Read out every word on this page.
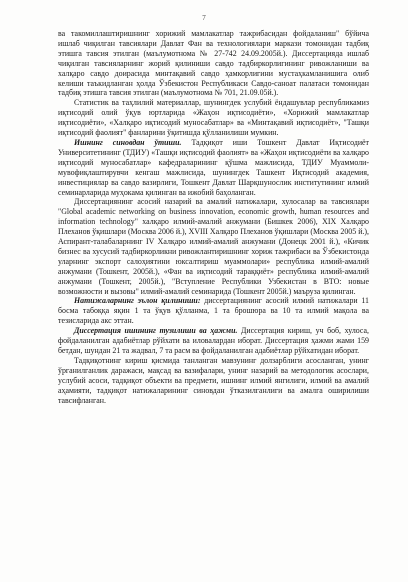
7

ва такомиллаштиришнинг хорижий мамлакатлар тажрибасидан фойдаланиш" бўйича ишлаб чиқилган тавсиялари Давлат Фан ва технологиялари маркази томонидан тадбиқ этишга тавсия этилган (маълумотнома № 27-742 24.09.2005й.). Диссертацияда ишлаб чиқилган тавсияларнинг жорий қилиниши савдо тадбиркорлигининг ривожланиши ва халқаро савдо доирасида минтақавий савдо ҳамкорлигини мустаҳкамланишига олиб келиши таъкидланган ҳолда Ўзбекистон Республикаси Савдо-саноат палатаси томонидан тадбиқ этишга тавсия этилган (маълумотнома № 701, 21.09.05й.).

Статистик ва таҳлилий материаллар, шунингдек услубий ёндашувлар республикамиз иқтисодий олий ўқув юртларида «Жаҳон иқтисодиёти», «Хорижий мамлакатлар иқтисодиёти», «Халқаро иқтисодий муносабатлар» ва «Минтақавий иқтисодиёт», "Ташқи иқтисодий фаолият" фанларини ўқитишда қўлланилиши мумкин.

Ишнинг синовдан ўтиши. Тадқиқот иши Тошкент Давлат Иқтисодиёт Университетининг (ТДИУ) «Ташқи иқтисодий фаолият» ва «Жаҳон иқтисодиёти ва халқаро иқтисодий муносабатлар» кафедраларининг қўшма мажлисида, ТДИУ Муаммоли-мувофиқлаштирувчи кенгаш мажлисида, шунингдек Ташкент Иқтисодий академия, инвестициялар ва савдо вазирлиги, Тошкент Давлат Шарқшунослик институтининг илмий семинарларида муҳокама қилинган ва ижобий баҳоланган.

Диссертациянинг асосий назарий ва амалий натижалари, хулосалар ва тавсиялари "Global academic networking on business innovation, economic growth, human resources and information technology" халқаро илмий-амалий анжумани (Бишкек 2006), XIX Халқаро Плеханов ўқишлари (Москва 2006 й.), XVIII Халқаро Плеханов ўқишлари (Москва 2005 й.), Аспирант-талабаларнинг IV Халқаро илмий-амалий анжумани (Донецк 2001 й.), «Кичик бизнес ва хусусий тадбиркорликни ривожлантиришнинг хориж тажрибаси ва Ўзбекистонда уларнинг экспорт салоҳиятини юксалтириш муаммолари» республика илмий-амалий анжумани (Тошкент, 2005й.), «Фан ва иқтисодий тараққиёт» республика илмий-амалий анжумани (Тошкент, 2005й.), "Вступление Республики Узбекистан в ВТО: новые возможности и вызовы" илмий-амалий семинарида (Тошкент 2005й.) маъруза қилинган.

Натижаларнинг эълон қилиниши: диссертациянинг асосий илмий натижалари 11 босма табоққа яқин 1 та ўқув қўлланма, 1 та брошюра ва 10 та илмий мақола ва тезисларида акс эттан.

Диссертация ишининг тузилиши ва ҳажми. Диссертация кириш, уч боб, хулоса, фойдаланилган адабиётлар рўйхати ва иловалардан иборат. Диссертация ҳажми жами 159 бетдан, шундан 21 та жадвал, 7 та расм ва фойдаланилган адабиётлар рўйхатидан иборат.

Тадқиқотнинг кириш қисмида танланган мавзунинг долзарблиги асосланган, унинг ўрганилганлик даражаси, мақсад ва вазифалари, унинг назарий ва методологик асослари, услубий асоси, тадқиқот объекти ва предмети, ишнинг илмий янгилиги, илмий ва амалий аҳамияти, тадқиқот натижаларининг синовдан ўтказилганлиги ва амалга оширилиши тавсифланган.
